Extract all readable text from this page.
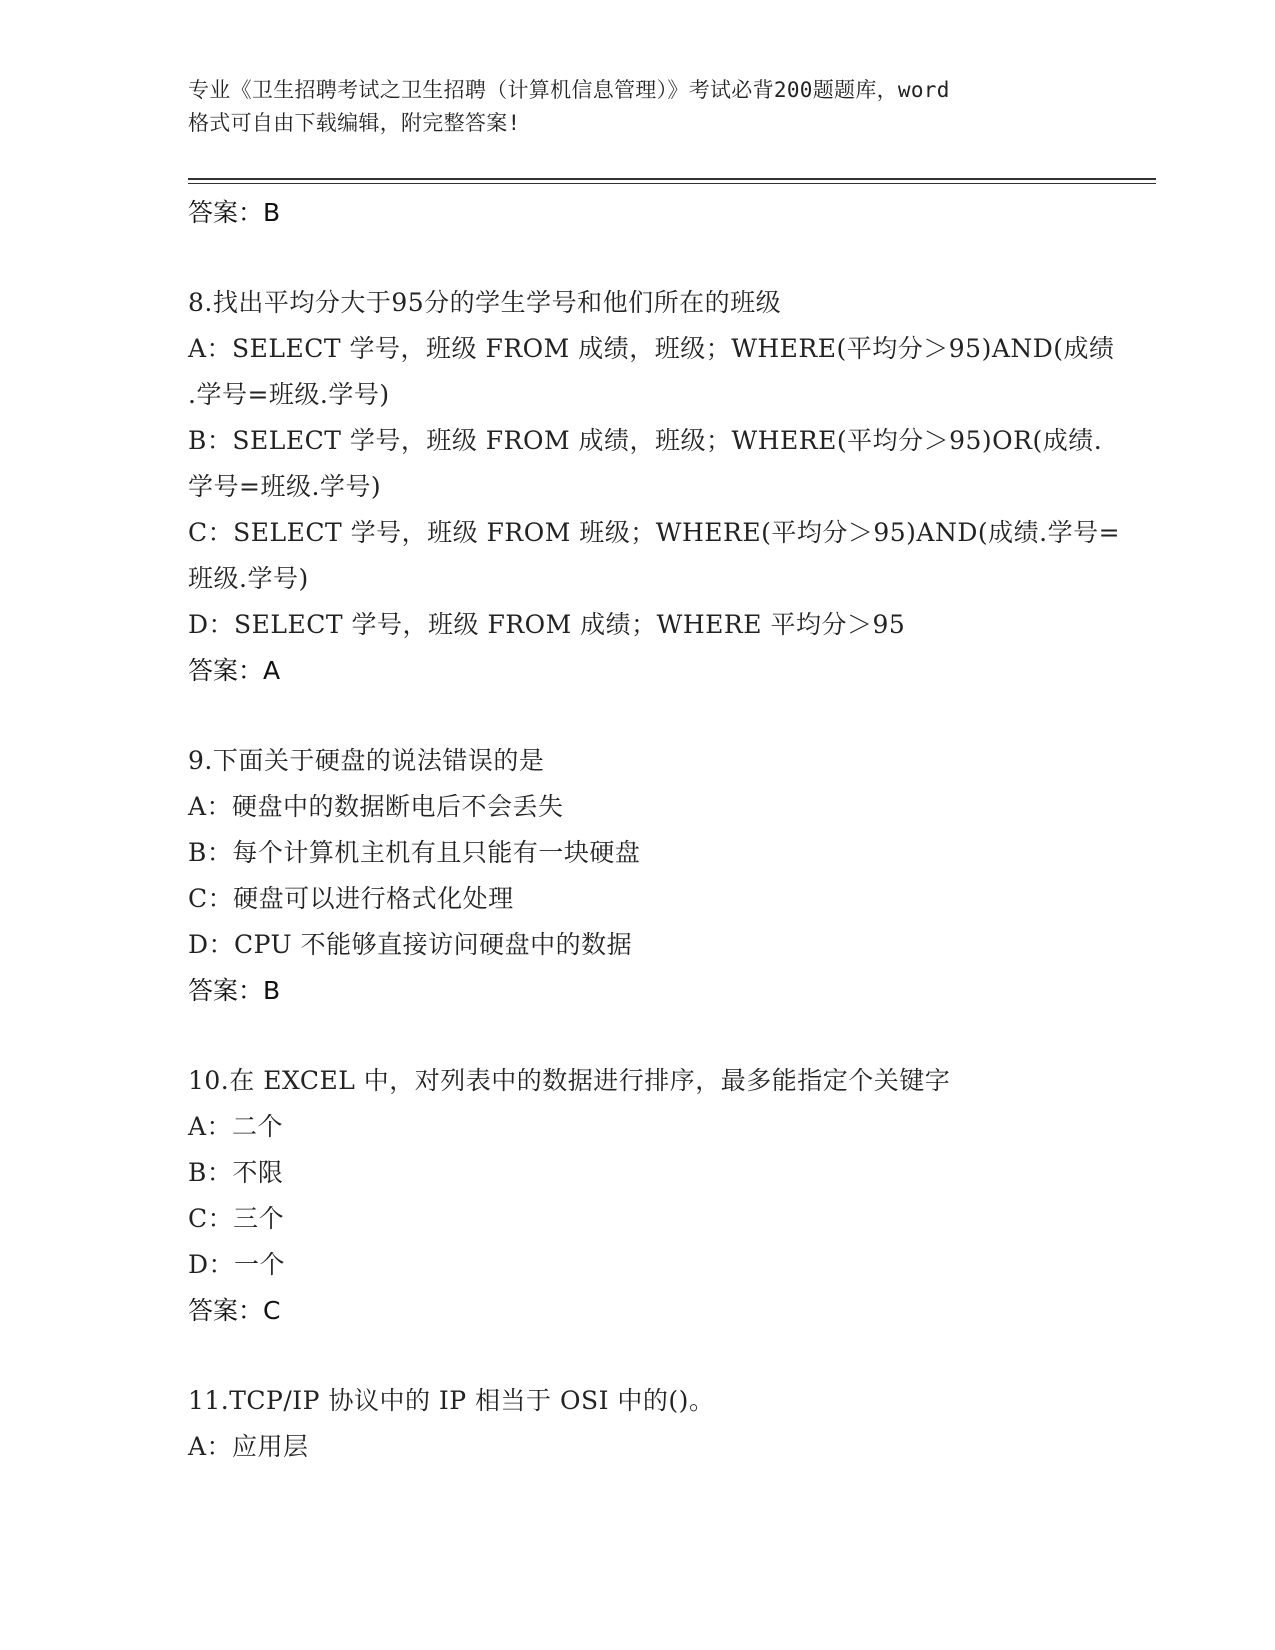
专业《卫生招聘考试之卫生招聘（计算机信息管理）》考试必背200题题库，word
格式可自由下载编辑，附完整答案!
答案：B
8.找出平均分大于95分的学生学号和他们所在的班级
A：SELECT 学号，班级 FROM 成绩，班级；WHERE(平均分＞95)AND(成绩
.学号=班级.学号)
B：SELECT 学号，班级 FROM 成绩，班级；WHERE(平均分＞95)OR(成绩.
学号=班级.学号)
C：SELECT 学号，班级 FROM 班级；WHERE(平均分＞95)AND(成绩.学号=
班级.学号)
D：SELECT 学号，班级 FROM 成绩；WHERE 平均分＞95
答案：A
9.下面关于硬盘的说法错误的是
A：硬盘中的数据断电后不会丢失
B：每个计算机主机有且只能有一块硬盘
C：硬盘可以进行格式化处理
D：CPU 不能够直接访问硬盘中的数据
答案：B
10.在 EXCEL 中，对列表中的数据进行排序，最多能指定个关键字
A：二个
B：不限
C：三个
D：一个
答案：C
11.TCP/IP 协议中的 IP 相当于 OSI 中的()。
A：应用层
